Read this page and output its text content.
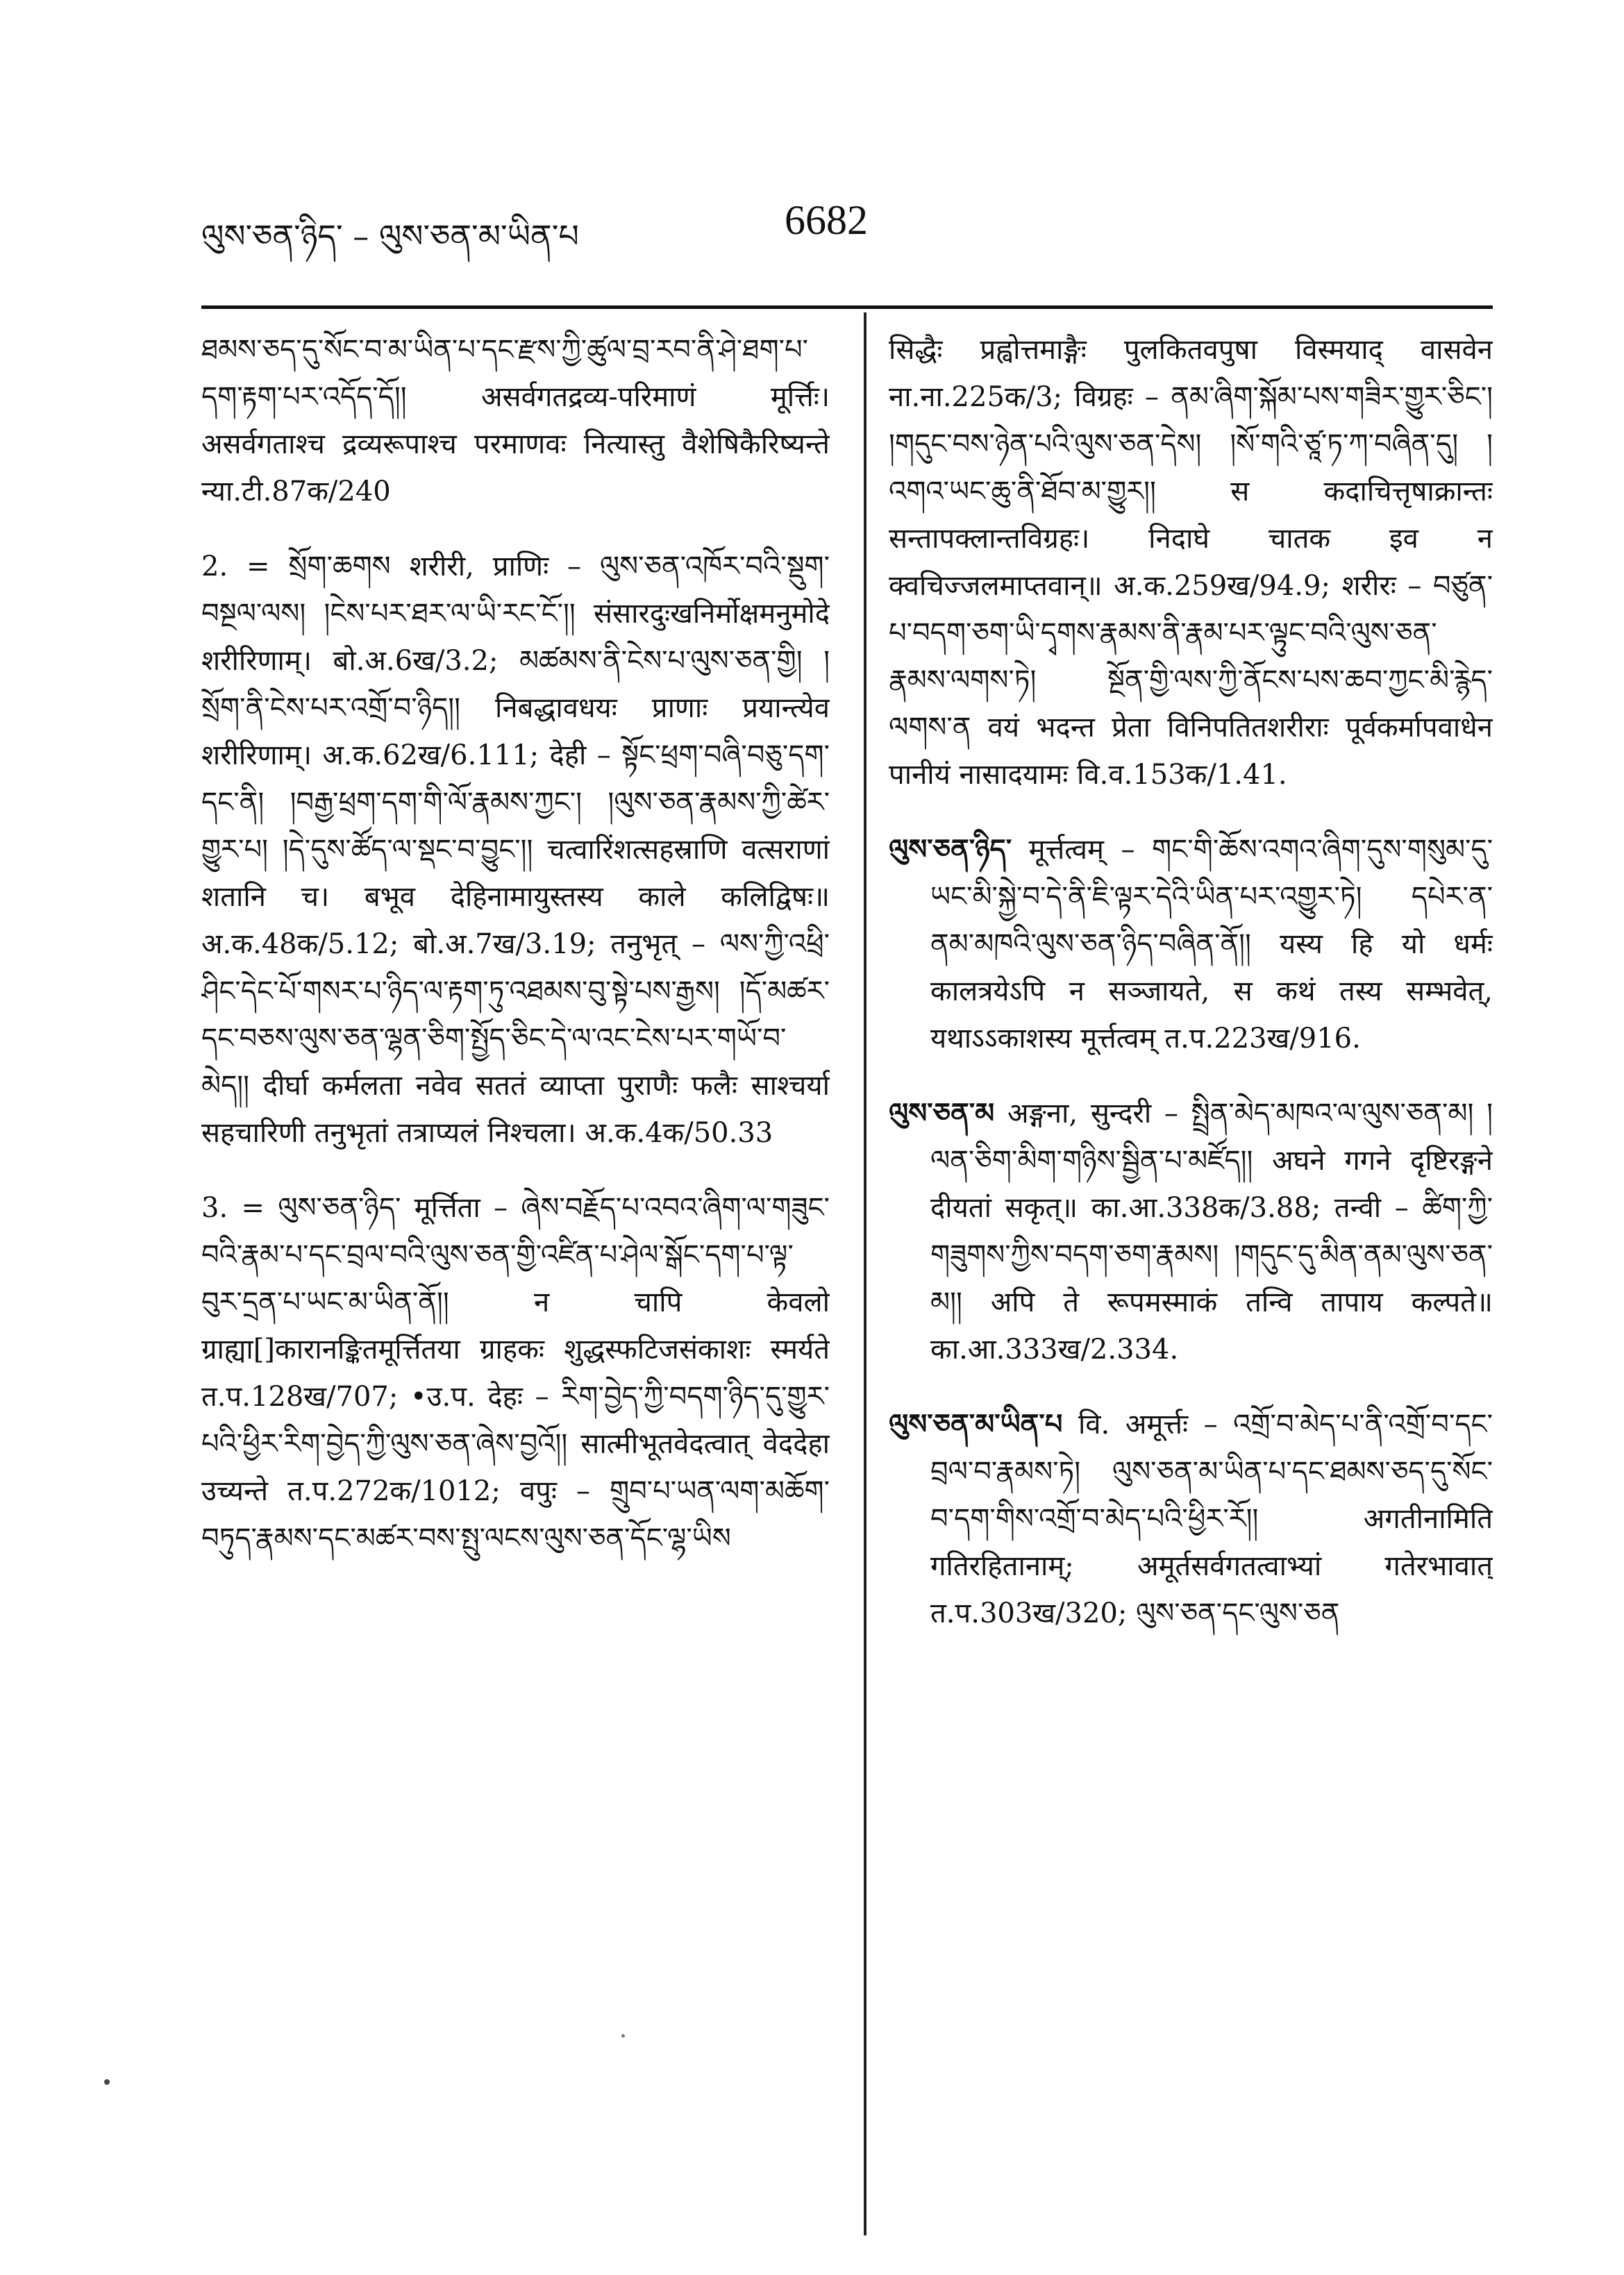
ལུས་ཅན་ཉིད་ – ལུས་ཅན་མ་ཡིན་པ	6682

ཐམས་ཅད་དུ་སོང་བ་མ་ཡིན་པ་དང་རྫས་ཀྱི་ཚུལ་བྲ་རབ་ནི་ཤེ་ཐག་པ་དག་རྟག་པར་འདོད་དོ།། असर्वगतद्रव्य-परिमाणं मूर्त्तिः। असर्वगताश्च द्रव्यरूपाश्च परमाणवः नित्यास्तु वैशेषिकैरिष्यन्ते न्या.टी.87क/240

2. = སྲོག་ཆགས शरीरी, प्राणिः – ལུས་ཅན་འཁོར་བའི་སྡུག་བསྔལ་ལས། །ངེས་པར་ཐར་ལ་ཡི་རང་ངོ་།། संसारदुःखनिर्मोक्षमनुमोदे शरीरिणाम्। बो.अ.6ख/3.2; མཚམས་ནི་ངེས་པ་ལུས་ཅན་གྱི། །སྲོག་ནི་ངེས་པར་འགྲོ་བ་ཉིད།། निबद्धावधयः प्राणाः प्रयान्त्येव शरीरिणाम्। अ.क.62ख/6.111; देही – སྟོང་ཕྲག་བཞི་བཅུ་དག་དང་ནི། །བརྒྱ་ཕྲག་དག་གི་ལོ་རྣམས་ཀྱང་། །ལུས་ཅན་རྣམས་ཀྱི་ཚེར་གྱུར་པ། །དེ་དུས་ཚོད་ལ་སྡང་བ་བྱུང་།། चत्वारिंशत्सहस्राणि वत्सराणां शतानि च। बभूव देहिनामायुस्तस्य काले कलिद्विषः॥ अ.क.48क/5.12; बो.अ.7ख/3.19; तनुभृत् – ལས་ཀྱི་འཕྲི་ཤིང་དེང་པོ་གསར་པ་ཉིད་ལ་རྟག་ཏུ་འཐམས་བུ་སྟེ་པས་རྒྱས། །དོ་མཚར་དང་བཅས་ལུས་ཅན་ལྷན་ཅིག་སྤྱོད་ཅིང་དེ་ལ་འང་ངེས་པར་གཡོ་བ་མེད།། दीर्घा कर्मलता नवेव सततं व्याप्ता पुराणैः फलैः साश्चर्या सहचारिणी तनुभृतां तत्राप्यलं निश्चला। अ.क.4क/50.33

3. = ལུས་ཅན་ཉིད་ मूर्त्तिता – ཞེས་བརྗོད་པ་འབའ་ཞིག་ལ་གཟུང་བའི་རྣམ་པ་དང་བྲལ་བའི་ལུས་ཅན་གྱི་འཛིན་པ་ཤེལ་སྒོང་དག་པ་ལྟ་བུར་དྲན་པ་ཡང་མ་ཡིན་ནོ།། न चापि केवलो ग्राह्या[]कारानङ्कितमूर्त्तितया ग्राहकः शुद्धस्फटिजसंकाशः स्मर्यते त.प.128ख/707; •उ.प. देहः – རིག་བྱེད་ཀྱི་བདག་ཉིད་དུ་གྱུར་པའི་ཕྱིར་རིག་བྱེད་ཀྱི་ལུས་ཅན་ཞེས་བྱའོ།། सात्मीभूतवेदत्वात् वेददेहा उच्यन्ते त.प.272क/1012; वपुः – གྲུབ་པ་ཡན་ལག་མཆོག་བཏུད་རྣམས་དང་མཚར་བས་སྤུ་ལངས་ལུས་ཅན་དོང་ལྷ་ཡིས

सिद्धैः प्रह्वोत्तमाङ्गैः पुलकितवपुषा विस्मयाद् वासवेन ना.ना.225क/3; विग्रहः – ནམ་ཞིག་སྐོམ་པས་གཟིར་གྱུར་ཅིང་། །གདུང་བས་ཉེན་པའི་ལུས་ཅན་དེས། །སོ་གའི་ཙཱ་ཏ་ཀ་བཞིན་དུ། །འགའ་ཡང་ཆུ་ནི་ཐོབ་མ་གྱུར།། स कदाचित्तृषाक्रान्तः सन्तापक्लान्तविग्रहः। निदाघे चातक इव न क्वचिज्जलमाप्तवान्॥ अ.क.259ख/94.9; शरीरः – བཙུན་པ་བདག་ཅག་ཡི་དྭགས་རྣམས་ནི་རྣམ་པར་ལྟུང་བའི་ལུས་ཅན་རྣམས་ལགས་ཏེ། སྔོན་གྱི་ལས་ཀྱི་ནོངས་པས་ཆབ་ཀྱང་མི་རྙེད་ལགས་ན वयं भदन्त प्रेता विनिपतितशरीराः पूर्वकर्मापवाधेन पानीयं नासादयामः वि.व.153क/1.41.

ལུས་ཅན་ཉིད་ मूर्त्तत्वम् – གང་གི་ཆོས་འགའ་ཞིག་དུས་གསུམ་དུ་ཡང་མི་སྐྱེ་བ་དེ་ནི་ཇི་ལྟར་དེའི་ཡིན་པར་འགྱུར་ཏེ། དཔེར་ན་ནམ་མཁའི་ལུས་ཅན་ཉིད་བཞིན་ནོ།། यस्य हि यो धर्मः कालत्रयेऽपि न सञ्जायते, स कथं तस्य सम्भवेत्, यथाऽऽकाशस्य मूर्त्तत्वम् त.प.223ख/916.

ལུས་ཅན་མ अङ्गना, सुन्दरी – སྤྲིན་མེད་མཁའ་ལ་ལུས་ཅན་མ། །ལན་ཅིག་མིག་གཉིས་སྦྱིན་པ་མཛོད།། अघने गगने दृष्टिरङ्गने दीयतां सकृत्॥ का.आ.338क/3.88; तन्वी – ཚིག་ཀྱི་གཟུགས་ཀྱིས་བདག་ཅག་རྣམས། །གདུང་དུ་མིན་ནམ་ལུས་ཅན་མ།། अपि ते रूपमस्माकं तन्वि तापाय कल्पते॥ का.आ.333ख/2.334.

ལུས་ཅན་མ་ཡིན་པ वि. अमूर्त्तः – འགྲོ་བ་མེད་པ་ནི་འགྲོ་བ་དང་བྲལ་བ་རྣམས་ཏེ། ལུས་ཅན་མ་ཡིན་པ་དང་ཐམས་ཅད་དུ་སོང་བ་དག་གིས་འགྲོ་བ་མེད་པའི་ཕྱིར་རོ།། अगतीनामिति गतिरहितानाम्; अमूर्तसर्वगतत्वाभ्यां गतेरभावात् त.प.303ख/320; ལུས་ཅན་དང་ལུས་ཅན
